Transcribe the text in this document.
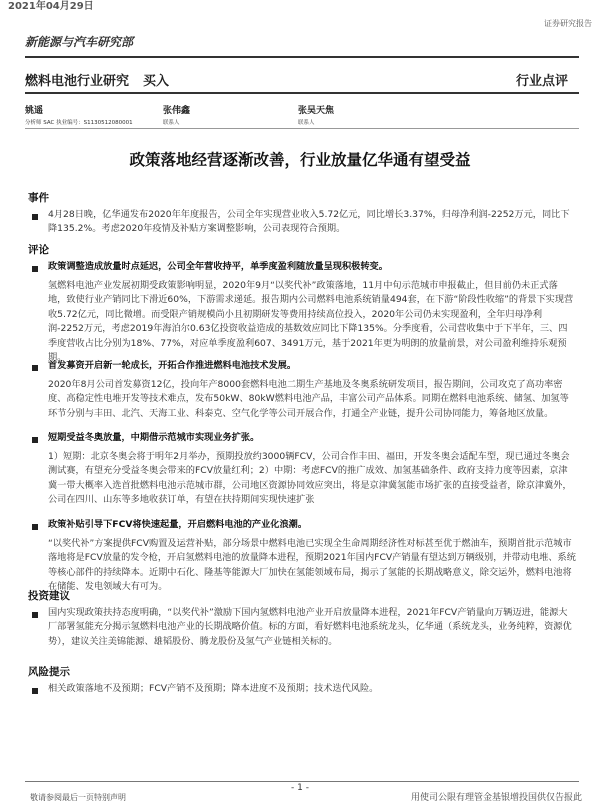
2021年04月29日
证券研究报告
新能源与汽车研究部
燃料电池行业研究 买入	行业点评
姚遥
分析师 SAC 执业编号：S1130512080001
张伟鑫
联系人
张吴天焦
联系人
政策落地经营逐渐改善，行业放量亿华通有望受益
事件
4月28日晚，亿华通发布2020年年度报告，公司全年实现营业收入5.72亿元，同比增长3.37%，归母净利润-2252万元，同比下降135.2%。考虑2020年疫情及补贴方案调整影响，公司表现符合预期。
评论
政策调整造成放量时点延迟，公司全年营收持平，单季度盈利随放量呈现积极转变。
氢燃料电池产业发展初期受政策影响明显，2020年9月“以奖代补”政策落地，11月中旬示范城市申报截止，但目前仍未正式落地，致使行业产销同比下滑近60%，下游需求递延。报告期内公司燃料电池系统销量494套，在下游“阶段性收缩”的背景下实现营收5.72亿元，同比微增。而受限产销规模尚小且初期研发等费用持续高位投入，2020年公司仍未实现盈利，全年归母净利润-2252万元，考虑2019年海泊尔0.63亿投资收益造成的基数效应同比下降135%。分季度看，公司营收集中于下半年，三、四季度营收占比分别为18%、77%，对应单季度盈利607、3491万元，基于2021年更为明朗的放量前景，对公司盈利维持乐观预期。
首发募资开启新一轮成长，开拓合作推进燃料电池技术发展。
2020年8月公司首发募资12亿，投向年产8000套燃料电池二期生产基地及冬奥系统研发项目，报告期间，公司攻克了高功率密度、高稳定性电堆开发等技术难点，发布50kW、80kW燃料电池产品，丰富公司产品体系。同期在燃料电池系统、储氢、加氢等环节分别与丰田、北汽、天海工业、科泰克、空气化学等公司开展合作，打通全产业链，提升公司协同能力，筹备地区放量。
短期受益冬奥放量，中期借示范城市实现业务扩张。
1）短期：北京冬奥会将于明年2月举办，预期投放约3000辆FCV，公司合作丰田、福田，开发冬奥会适配车型，现已通过冬奥会测试赛，有望充分受益冬奥会带来的FCV放量红利；2）中期：考虑FCV的推广成效、加氢基础条件、政府支持力度等因素，京津冀一带大概率入选首批燃料电池示范城市群，公司地区资源协同效应突出，将是京津冀氢能市场扩张的直接受益者，除京津冀外，公司在四川、山东等多地收获订单，有望在扶持期间实现快速扩张
政策补贴引导下FCV将快速起量，开启燃料电池的产业化浪潮。
“以奖代补”方案提供FCV购置及运营补贴，部分场景中燃料电池已实现全生命周期经济性对标甚至优于燃油车，预期首批示范城市落地将是FCV放量的发令枪，开启氢燃料电池的放量降本进程，预期2021年国内FCV产销量有望达到万辆级别，并带动电堆、系统等核心部件的持续降本。近期中石化、隆基等能源大厂加快在氢能领域布局，揭示了氢能的长期战略意义，除交运外，燃料电池将在储能、发电领域大有可为。
投资建议
国内实现政策扶持态度明确，“以奖代补”激励下国内氢燃料电池产业开启放量降本进程，2021年FCV产销量向万辆迈进，能源大厂部署氢能充分揭示氢燃料电池产业的长期战略价值。标的方面，看好燃料电池系统龙头，亿华通（系统龙头，业务纯粹，资源优势），建议关注美锦能源、雄韬股份、腾龙股份及氢气产业链相关标的。
风险提示
相关政策落地不及预期；FCV产销不及预期；降本进度不及预期；技术迭代风险。
- 1 -
敬请参阅最后一页特别声明	用使司公限有理管金基银增投国供仅告报此
